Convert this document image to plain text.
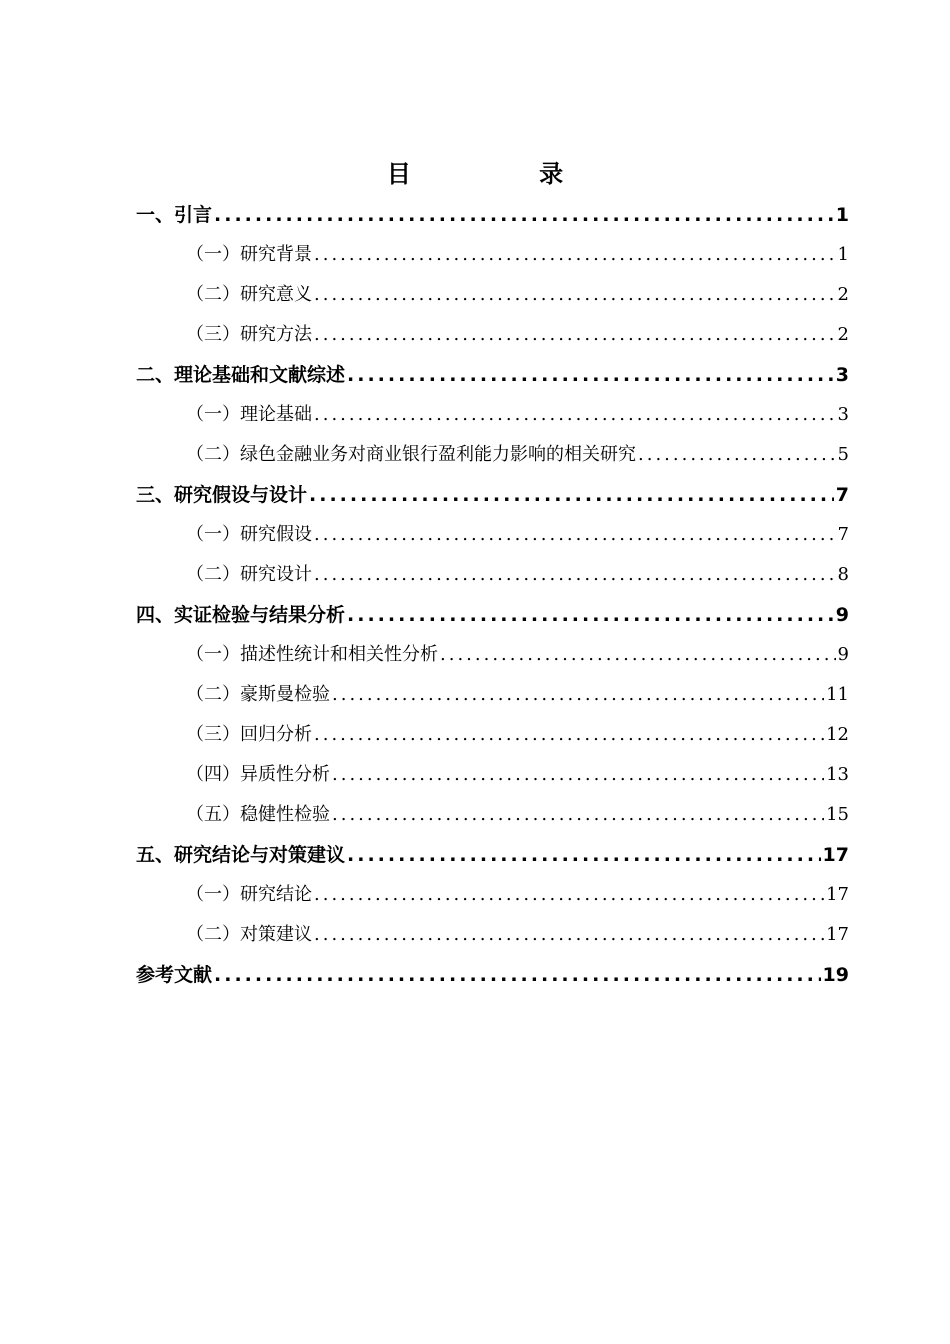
目 录
一、引言 .....	1
（一）研究背景 .....	1
（二）研究意义 .....	2
（三）研究方法 .....	2
二、理论基础和文献综述 .....	3
（一）理论基础 .....	3
（二）绿色金融业务对商业银行盈利能力影响的相关研究 .....	5
三、研究假设与设计 .....	7
（一）研究假设 .....	7
（二）研究设计 .....	8
四、实证检验与结果分析 .....	9
（一）描述性统计和相关性分析 .....	9
（二）豪斯曼检验 .....	11
（三）回归分析 .....	12
（四）异质性分析 .....	13
（五）稳健性检验 .....	15
五、研究结论与对策建议 .....	17
（一）研究结论 .....	17
（二）对策建议 .....	17
参考文献 .....	19
